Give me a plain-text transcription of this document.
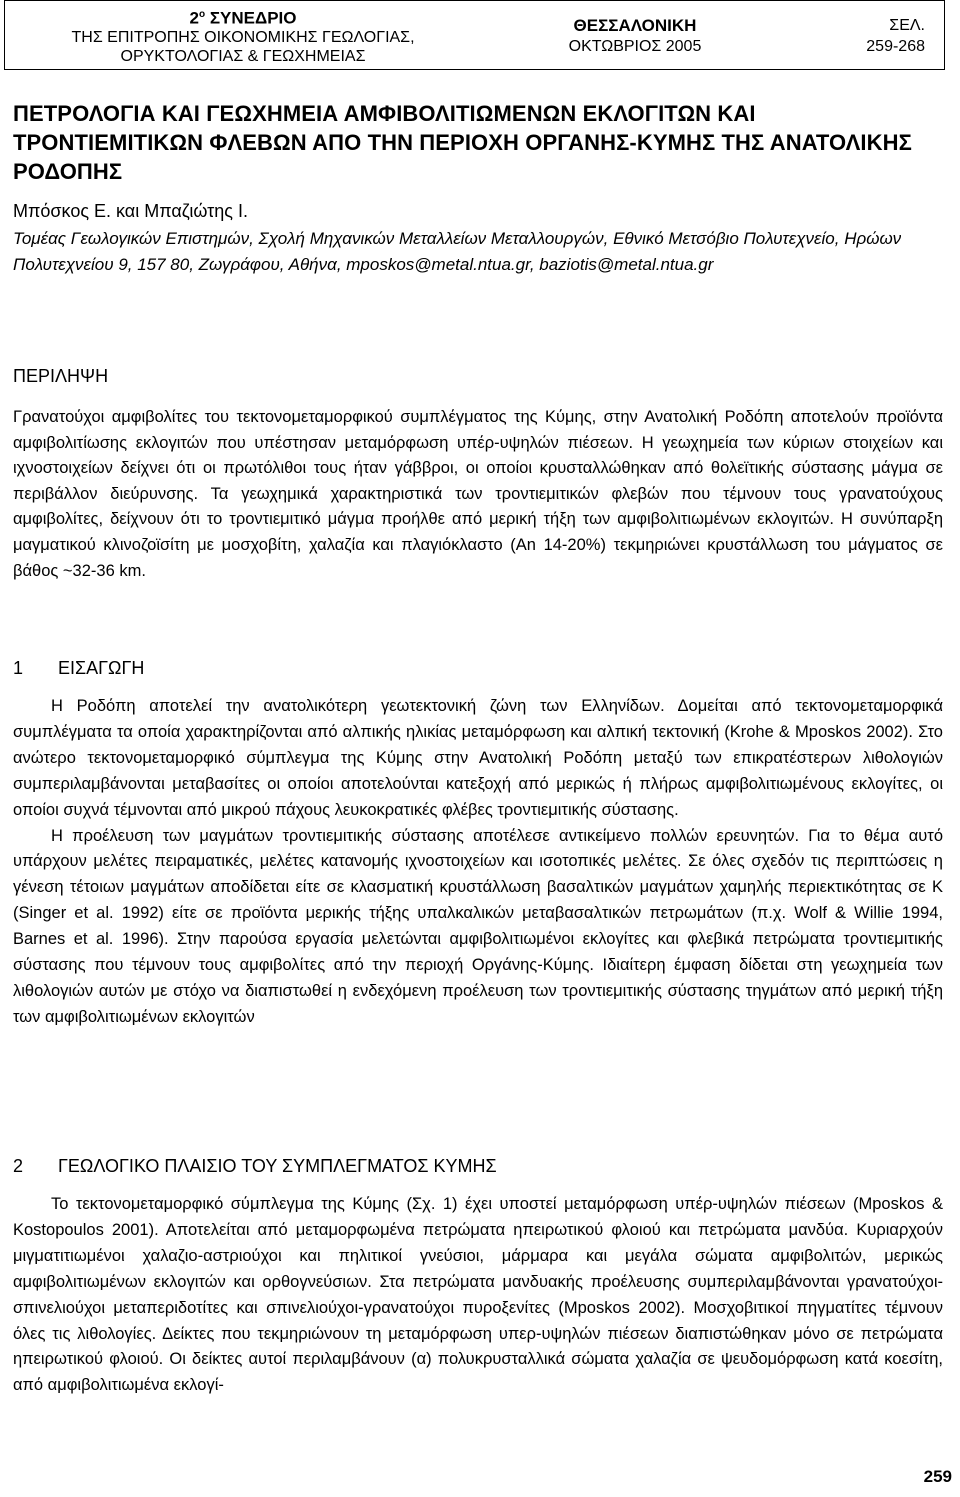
$2^o$ ΣΥΝΕΔΡΙΟ
ΤΗΣ ΕΠΙΤΡΟΠΗΣ ΟΙΚΟΝΟΜΙΚΗΣ ΓΕΩΛΟΓΙΑΣ,
ΟΡΥΚΤΟΛΟΓΙΑΣ & ΓΕΩΧΗΜΕΙΑΣ
ΘΕΣΣΑΛΟΝΙΚΗ
ΟΚΤΩΒΡΙΟΣ 2005
ΣΕΛ.
259-268
ΠΕΤΡΟΛΟΓΙΑ ΚΑΙ ΓΕΩΧΗΜΕΙΑ ΑΜΦΙΒΟΛΙΤΙΩΜΕΝΩΝ ΕΚΛΟΓΙΤΩΝ ΚΑΙ ΤΡΟΝΤΙΕΜΙΤΙΚΩΝ ΦΛΕΒΩΝ ΑΠΟ ΤΗΝ ΠΕΡΙΟΧΗ ΟΡΓΑΝΗΣ-ΚΥΜΗΣ ΤΗΣ ΑΝΑΤΟΛΙΚΗΣ ΡΟΔΟΠΗΣ
Μπόσκος Ε. και Μπαζιώτης Ι.
Τομέας Γεωλογικών Επιστημών, Σχολή Μηχανικών Μεταλλείων Μεταλλουργών, Εθνικό Μετσόβιο Πολυτεχνείο, Ηρώων Πολυτεχνείου 9, 157 80, Ζωγράφου, Αθήνα, mposkos@metal.ntua.gr, baziotis@metal.ntua.gr
ΠΕΡΙΛΗΨΗ
Γρανατούχοι αμφιβολίτες του τεκτονομεταμορφικού συμπλέγματος της Κύμης, στην Ανατολική Ροδόπη αποτελούν προϊόντα αμφιβολιτίωσης εκλογιτών που υπέστησαν μεταμόρφωση υπέρ-υψηλών πιέσεων. Η γεωχημεία των κύριων στοιχείων και ιχνοστοιχείων δείχνει ότι οι πρωτόλιθοι τους ήταν γάββροι, οι οποίοι κρυσταλλώθηκαν από θολεϊτικής σύστασης μάγμα σε περιβάλλον διεύρυνσης. Τα γεωχημικά χαρακτηριστικά των τροντιεμιτικών φλεβών που τέμνουν τους γρανατούχους αμφιβολίτες, δείχνουν ότι το τροντιεμιτικό μάγμα προήλθε από μερική τήξη των αμφιβολιτιωμένων εκλογιτών. Η συνύπαρξη μαγματικού κλινοζοϊσίτη με μοσχοβίτη, χαλαζία και πλαγιόκλαστο (An 14-20%) τεκμηριώνει κρυστάλλωση του μάγματος σε βάθος ~32-36 km.
1 ΕΙΣΑΓΩΓΗ

Η Ροδόπη αποτελεί την ανατολικότερη γεωτεκτονική ζώνη των Ελληνίδων. Δομείται από τεκτονομεταμορφικά συμπλέγματα τα οποία χαρακτηρίζονται από αλπικής ηλικίας μεταμόρφωση και αλπική τεκτονική (Krohe & Mposkos 2002). Στο ανώτερο τεκτονομεταμορφικό σύμπλεγμα της Κύμης στην Ανατολική Ροδόπη μεταξύ των επικρατέστερων λιθολογιών συμπεριλαμβάνονται μεταβασίτες οι οποίοι αποτελούνται κατεξοχή από μερικώς ή πλήρως αμφιβολιτιωμένους εκλογίτες, οι οποίοι συχνά τέμνονται από μικρού πάχους λευκοκρατικές φλέβες τροντιεμιτικής σύστασης.

Η προέλευση των μαγμάτων τροντιεμιτικής σύστασης αποτέλεσε αντικείμενο πολλών ερευνητών. Για το θέμα αυτό υπάρχουν μελέτες πειραματικές, μελέτες κατανομής ιχνοστοιχείων και ισοτοπικές μελέτες. Σε όλες σχεδόν τις περιπτώσεις η γένεση τέτοιων μαγμάτων αποδίδεται είτε σε κλασματική κρυστάλλωση βασαλτικών μαγμάτων χαμηλής περιεκτικότητας σε K (Singer et al. 1992) είτε σε προϊόντα μερικής τήξης υπαλκαλικών μεταβασαλτικών πετρωμάτων (π.χ. Wolf & Willie 1994, Barnes et al. 1996). Στην παρούσα εργασία μελετώνται αμφιβολιτιωμένοι εκλογίτες και φλεβικά πετρώματα τροντιεμιτικής σύστασης που τέμνουν τους αμφιβολίτες από την περιοχή Οργάνης-Κύμης. Ιδιαίτερη έμφαση δίδεται στη γεωχημεία των λιθολογιών αυτών με στόχο να διαπιστωθεί η ενδεχόμενη προέλευση των τροντιεμιτικής σύστασης τηγμάτων από μερική τήξη των αμφιβολιτιωμένων εκλογιτών

2 ΓΕΩΛΟΓΙΚΟ ΠΛΑΙΣΙΟ ΤΟΥ ΣΥΜΠΛΕΓΜΑΤΟΣ ΚΥΜΗΣ

Το τεκτονομεταμορφικό σύμπλεγμα της Κύμης (Σχ. 1) έχει υποστεί μεταμόρφωση υπέρ-υψηλών πιέσεων (Mposkos & Kostopoulos 2001). Αποτελείται από μεταμορφωμένα πετρώματα ηπειρωτικού φλοιού και πετρώματα μανδύα. Κυριαρχούν μιγματιτιωμένοι χαλαζιο-αστριούχοι και πηλιτικοί γνεύσιοι, μάρμαρα και μεγάλα σώματα αμφιβολιτών, μερικώς αμφιβολιτιωμένων εκλογιτών και ορθογνεύσιων. Στα πετρώματα μανδυακής προέλευσης συμπεριλαμβάνονται γρανατούχοι-σπινελιούχοι μεταπεριδοτίτες και σπινελιούχοι-γρανατούχοι πυροξενίτες (Mposkos 2002). Μοσχοβιτικοί πηγματίτες τέμνουν όλες τις λιθολογίες. Δείκτες που τεκμηριώνουν τη μεταμόρφωση υπερ-υψηλών πιέσεων διαπιστώθηκαν μόνο σε πετρώματα ηπειρωτικού φλοιού. Οι δείκτες αυτοί περιλαμβάνουν (α) πολυκρυσταλλικά σώματα χαλαζία σε ψευδομόρφωση κατά κοεσίτη, από αμφιβολιτιωμένα εκλογί-

259
